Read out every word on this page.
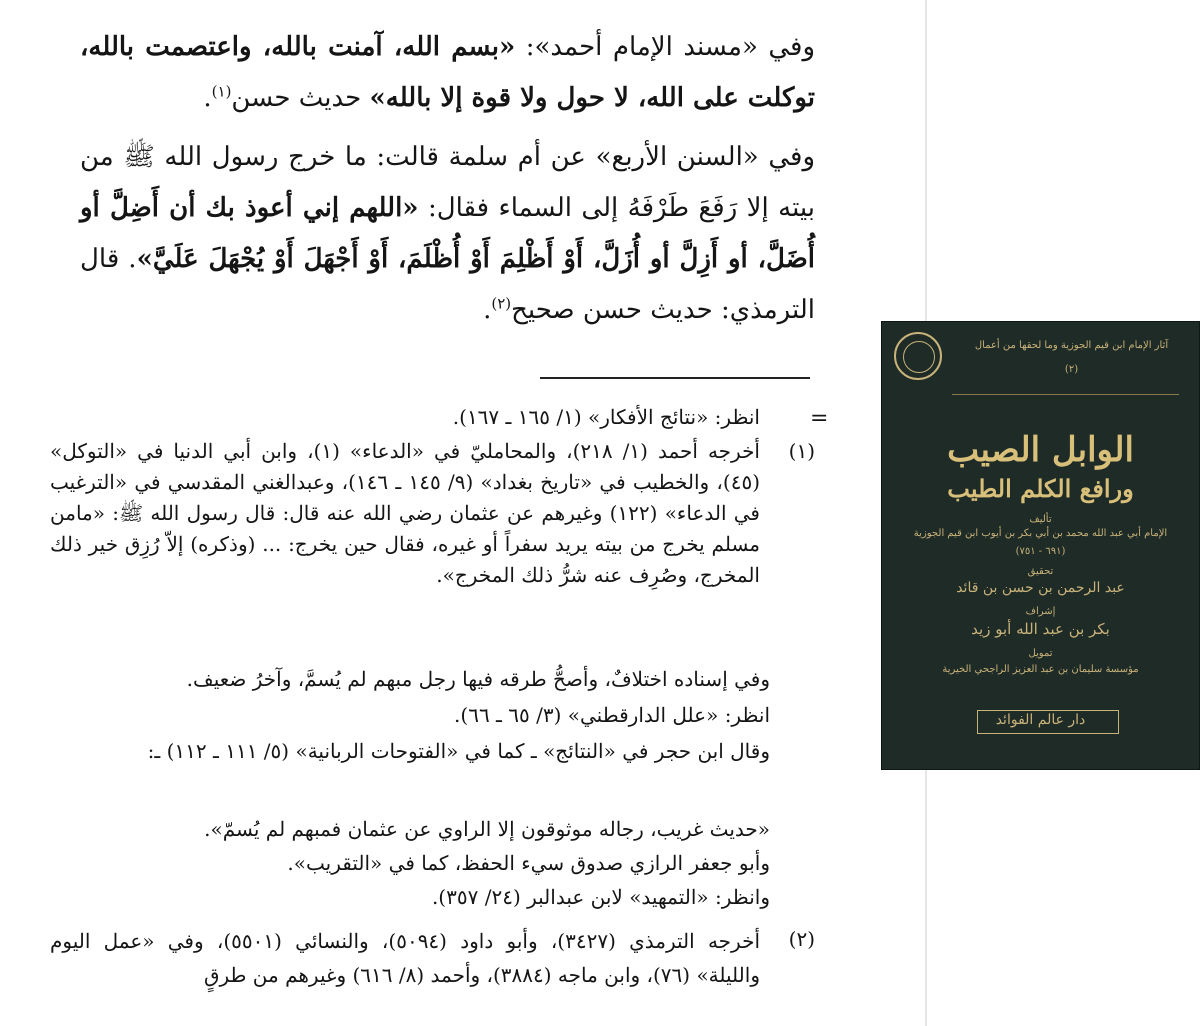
وفي «مسند الإمام أحمد»: «بسم الله، آمنت بالله، واعتصمت بالله، توكلت على الله، لا حول ولا قوة إلا بالله» حديث حسن$^{(١)}$.
وفي «السنن الأربع» عن أم سلمة قالت: ما خرج رسول الله ﷺ من بيته إلا رَفَعَ طَرْفَهُ إلى السماء فقال: «اللهم إني أعوذ بك أن أَضِلَّ أو أُضَلَّ، أو أَزِلَّ أو أُزَلَّ، أَوْ أَظْلِمَ أَوْ أُظْلَمَ، أَوْ أَجْهَلَ أَوْ يُجْهَلَ عَلَيَّ». قال الترمذي: حديث حسن صحيح$^{(٢)}$.
=
انظر: «نتائج الأفكار» (١/ ١٦٥ ـ ١٦٧).
(١)
أخرجه أحمد (١/ ٢١٨)، والمحامليّ في «الدعاء» (١)، وابن أبي الدنيا في «التوكل» (٤٥)، والخطيب في «تاريخ بغداد» (٩/ ١٤٥ ـ ١٤٦)، وعبدالغني المقدسي في «الترغيب في الدعاء» (١٢٢) وغيرهم عن عثمان رضي الله عنه قال: قال رسول الله ﷺ: «مامن مسلم يخرج من بيته يريد سفراً أو غيره، فقال حين يخرج: ... (وذكره) إلاّ رُزِق خير ذلك المخرج، وصُرِف عنه شرُّ ذلك المخرج».
وفي إسناده اختلافٌ، وأصحُّ طرقه فيها رجل مبهم لم يُسمَّ، وآخرُ ضعيف.
انظر: «علل الدارقطني» (٣/ ٦٥ ـ ٦٦).
وقال ابن حجر في «النتائج» ـ كما في «الفتوحات الربانية» (٥/ ١١١ ـ ١١٢) ـ:
«حديث غريب، رجاله موثوقون إلا الراوي عن عثمان فمبهم لم يُسمّ».
وأبو جعفر الرازي صدوق سيء الحفظ، كما في «التقريب».
وانظر: «التمهيد» لابن عبدالبر (٢٤/ ٣٥٧).
(٢)
أخرجه الترمذي (٣٤٢٧)، وأبو داود (٥٠٩٤)، والنسائي (٥٥٠١)، وفي «عمل اليوم والليلة» (٧٦)، وابن ماجه (٣٨٨٤)، وأحمد (٨/ ٦١٦) وغيرهم من طرقٍ
آثار الإمام ابن قيم الجوزية وما لحقها من أعمال
(٢)
الوابل الصيب
ورافع الكلم الطيب
تأليف
الإمام أبي عبد الله محمد بن أبي بكر بن أيوب ابن قيم الجوزية
(٦٩١ - ٧٥١)
تحقيق
عبد الرحمن بن حسن بن قائد
إشراف
بكر بن عبد الله أبو زيد
تمويل
مؤسسة سليمان بن عبد العزيز الراجحي الخيرية
دار عالم الفوائد
